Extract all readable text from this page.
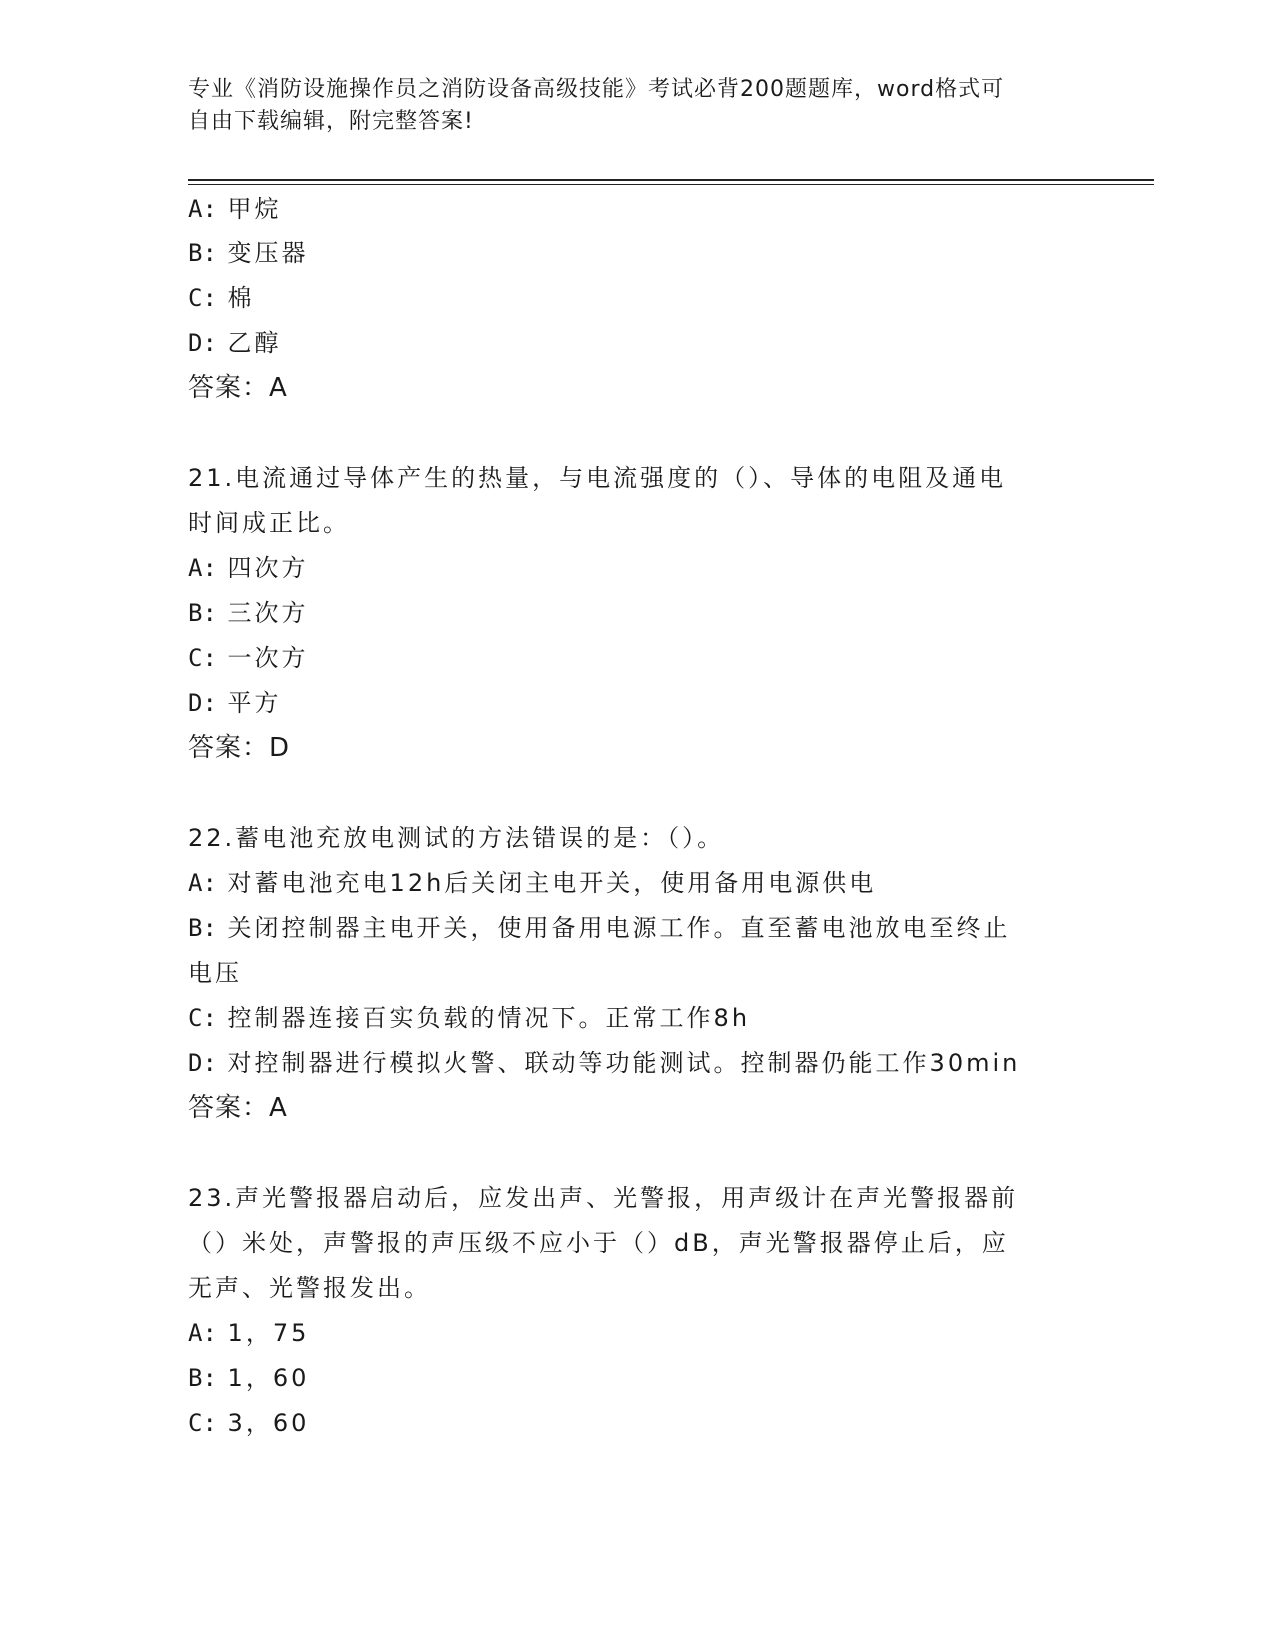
专业《消防设施操作员之消防设备高级技能》考试必背200题题库，word格式可
自由下载编辑，附完整答案!
A: 甲烷
B: 变压器
C: 棉
D: 乙醇
答案：A
21.电流通过导体产生的热量，与电流强度的（）、导体的电阻及通电
时间成正比。
A: 四次方
B: 三次方
C: 一次方
D: 平方
答案：D
22.蓄电池充放电测试的方法错误的是：（）。
A: 对蓄电池充电12h后关闭主电开关，使用备用电源供电
B: 关闭控制器主电开关，使用备用电源工作。直至蓄电池放电至终止
电压
C: 控制器连接百实负载的情况下。正常工作8h
D: 对控制器进行模拟火警、联动等功能测试。控制器仍能工作30min
答案：A
23.声光警报器启动后，应发出声、光警报，用声级计在声光警报器前
（）米处，声警报的声压级不应小于（）dB，声光警报器停止后，应
无声、光警报发出。
A: 1，75
B: 1，60
C: 3，60
